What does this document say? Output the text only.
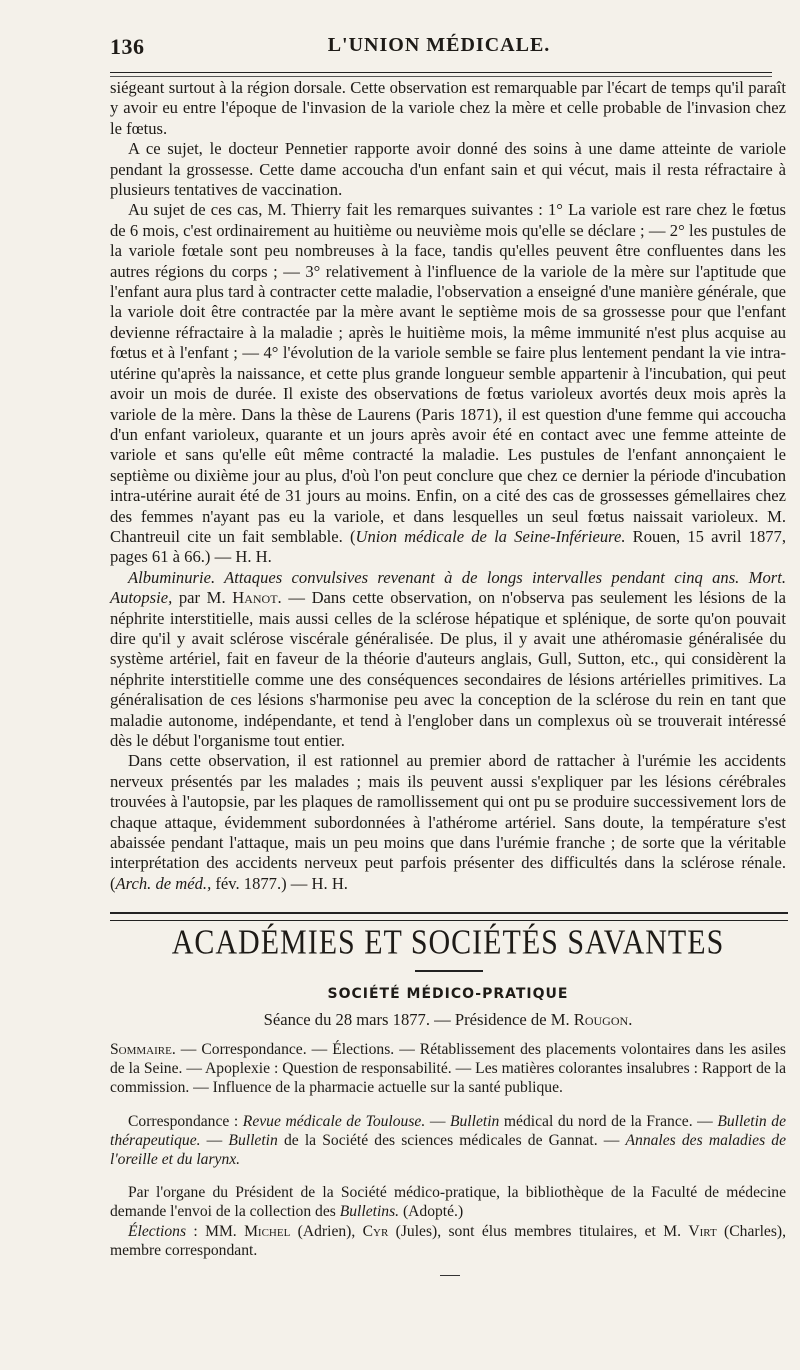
136	L'UNION MÉDICALE.

siégeant surtout à la région dorsale. Cette observation est remarquable par l'écart de temps qu'il paraît y avoir eu entre l'époque de l'invasion de la variole chez la mère et celle probable de l'invasion chez le fœtus.

A ce sujet, le docteur Pennetier rapporte avoir donné des soins à une dame atteinte de variole pendant la grossesse. Cette dame accoucha d'un enfant sain et qui vécut, mais il resta réfractaire à plusieurs tentatives de vaccination.

Au sujet de ces cas, M. Thierry fait les remarques suivantes : 1° La variole est rare chez le fœtus de 6 mois, c'est ordinairement au huitième ou neuvième mois qu'elle se déclare ; — 2° les pustules de la variole fœtale sont peu nombreuses à la face, tandis qu'elles peuvent être confluentes dans les autres régions du corps ; — 3° relativement à l'influence de la variole de la mère sur l'aptitude que l'enfant aura plus tard à contracter cette maladie, l'observation a enseigné d'une manière générale, que la variole doit être contractée par la mère avant le septième mois de sa grossesse pour que l'enfant devienne réfractaire à la maladie ; après le huitième mois, la même immunité n'est plus acquise au fœtus et à l'enfant ; — 4° l'évolution de la variole semble se faire plus lentement pendant la vie intra-utérine qu'après la naissance, et cette plus grande longueur semble appartenir à l'incubation, qui peut avoir un mois de durée. Il existe des observations de fœtus varioleux avortés deux mois après la variole de la mère. Dans la thèse de Laurens (Paris 1871), il est question d'une femme qui accoucha d'un enfant varioleux, quarante et un jours après avoir été en contact avec une femme atteinte de variole et sans qu'elle eût même contracté la maladie. Les pustules de l'enfant annonçaient le septième ou dixième jour au plus, d'où l'on peut conclure que chez ce dernier la période d'incubation intra-utérine aurait été de 31 jours au moins. Enfin, on a cité des cas de grossesses gémellaires chez des femmes n'ayant pas eu la variole, et dans lesquelles un seul fœtus naissait varioleux. M. Chantreuil cite un fait semblable. (Union médicale de la Seine-Inférieure. Rouen, 15 avril 1877, pages 61 à 66.) — H. H.

Albuminurie. Attaques convulsives revenant à de longs intervalles pendant cinq ans. Mort. Autopsie, par M. Hanot. — Dans cette observation, on n'observa pas seulement les lésions de la néphrite interstitielle, mais aussi celles de la sclérose hépatique et splénique, de sorte qu'on pouvait dire qu'il y avait sclérose viscérale généralisée. De plus, il y avait une athéromasie généralisée du système artériel, fait en faveur de la théorie d'auteurs anglais, Gull, Sutton, etc., qui considèrent la néphrite interstitielle comme une des conséquences secondaires de lésions artérielles primitives. La généralisation de ces lésions s'harmonise peu avec la conception de la sclérose du rein en tant que maladie autonome, indépendante, et tend à l'englober dans un complexus où se trouverait intéressé dès le début l'organisme tout entier.

Dans cette observation, il est rationnel au premier abord de rattacher à l'urémie les accidents nerveux présentés par les malades ; mais ils peuvent aussi s'expliquer par les lésions cérébrales trouvées à l'autopsie, par les plaques de ramollissement qui ont pu se produire successivement lors de chaque attaque, évidemment subordonnées à l'athérome artériel. Sans doute, la température s'est abaissée pendant l'attaque, mais un peu moins que dans l'urémie franche ; de sorte que la véritable interprétation des accidents nerveux peut parfois présenter des difficultés dans la sclérose rénale. (Arch. de méd., fév. 1877.) — H. H.

ACADÉMIES ET SOCIÉTÉS SAVANTES
SOCIÉTÉ MÉDICO-PRATIQUE
Séance du 28 mars 1877. — Présidence de M. Rougon.

Sommaire. — Correspondance. — Élections. — Rétablissement des placements volontaires dans les asiles de la Seine. — Apoplexie : Question de responsabilité. — Les matières colorantes insalubres : Rapport de la commission. — Influence de la pharmacie actuelle sur la santé publique.

Correspondance : Revue médicale de Toulouse. — Bulletin médical du nord de la France. — Bulletin de thérapeutique. — Bulletin de la Société des sciences médicales de Gannat. — Annales des maladies de l'oreille et du larynx.

Par l'organe du Président de la Société médico-pratique, la bibliothèque de la Faculté de médecine demande l'envoi de la collection des Bulletins. (Adopté.)

Élections : MM. Michel (Adrien), Cyr (Jules), sont élus membres titulaires, et M. Virt (Charles), membre correspondant.
